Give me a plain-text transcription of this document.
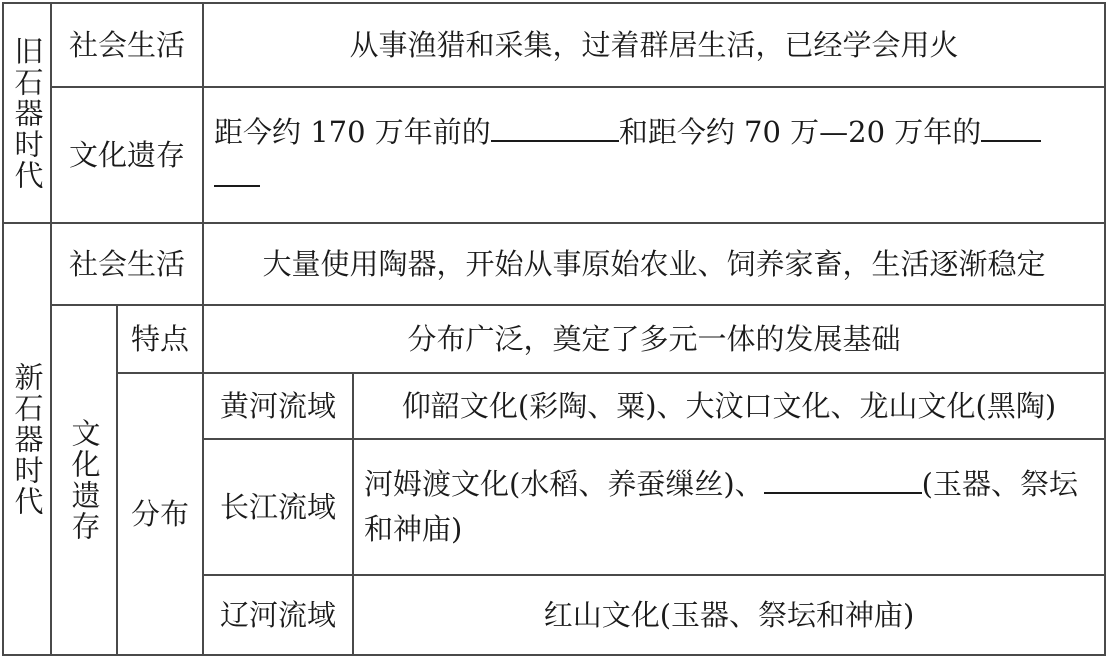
旧石器时代	社会生活		从事渔猎和采集，过着群居生活，已经学会用火	
	文化遗存		距今约 170 万年前的 和距今约 70 万—20 万年的	

新石器时代	社会生活		大量使用陶器，开始从事原始农业、饲养家畜，生活逐渐稳定	
	文化遗存	特点	分布广泛，奠定了多元一体的发展基础	
		分布	黄河流域	仰韶文化(彩陶、粟)、大汶口文化、龙山文化(黑陶)
			长江流域	河姆渡文化(水稻、养蚕缫丝)、 (玉器、祭坛和神庙)
			辽河流域	红山文化(玉器、祭坛和神庙)
